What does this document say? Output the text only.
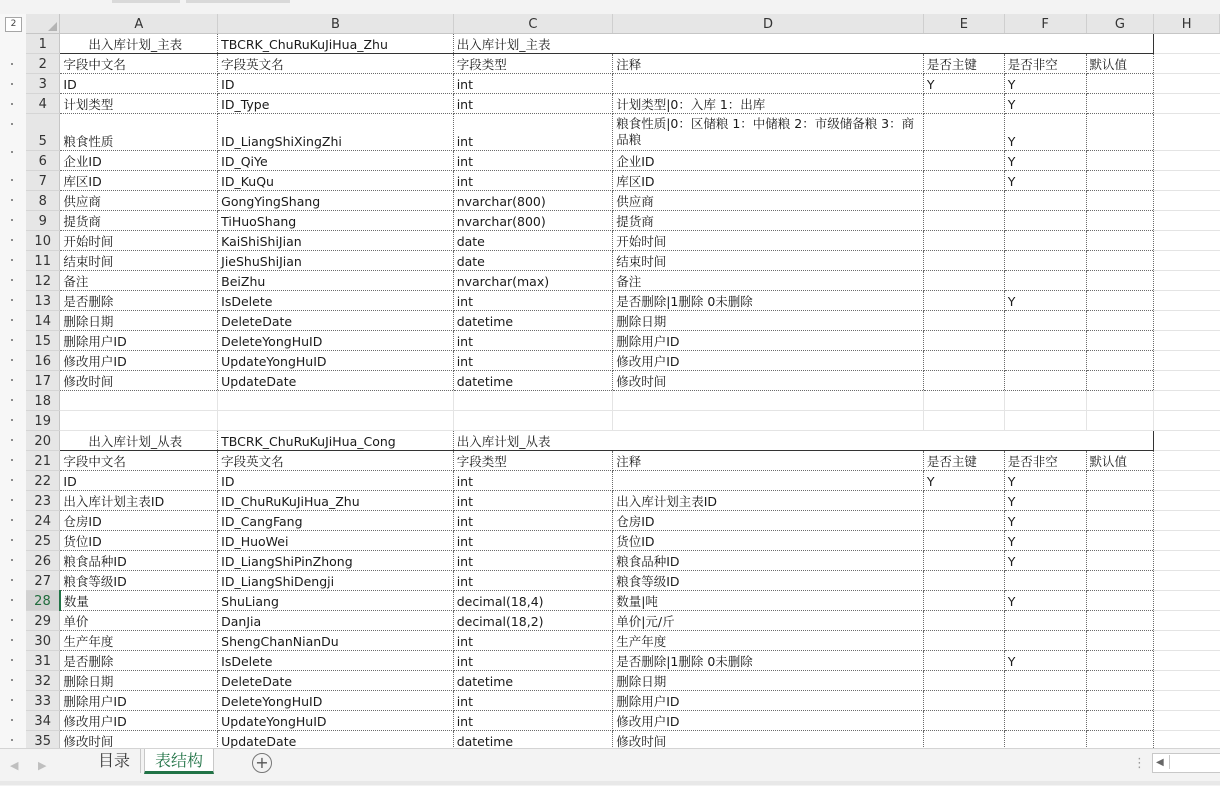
2
		A	B	C	D	E	F	G	H
1	出入库计划_主表	TBCRK_ChuRuKuJiHua_Zhu	出入库计划_主表					
2	字段中文名	字段英文名	字段类型	注释	是否主键	是否非空	默认值	
3	ID	ID	int		Y	Y		
4	计划类型	ID_Type	int	计划类型|0：入库 1：出库		Y		
5	粮食性质	ID_LiangShiXingZhi	int	粮食性质|0：区储粮 1：中储粮 2：市级储备粮 3：商品粮		Y		
6	企业ID	ID_QiYe	int	企业ID		Y		
7	库区ID	ID_KuQu	int	库区ID		Y		
8	供应商	GongYingShang	nvarchar(800)	供应商				
9	提货商	TiHuoShang	nvarchar(800)	提货商				
10	开始时间	KaiShiShiJian	date	开始时间				
11	结束时间	JieShuShiJian	date	结束时间				
12	备注	BeiZhu	nvarchar(max)	备注				
13	是否删除	IsDelete	int	是否删除|1删除 0未删除		Y		
14	删除日期	DeleteDate	datetime	删除日期				
15	删除用户ID	DeleteYongHuID	int	删除用户ID				
16	修改用户ID	UpdateYongHuID	int	修改用户ID				
17	修改时间	UpdateDate	datetime	修改时间				
18								
19								
20	出入库计划_从表	TBCRK_ChuRuKuJiHua_Cong	出入库计划_从表					
21	字段中文名	字段英文名	字段类型	注释	是否主键	是否非空	默认值	
22	ID	ID	int		Y	Y		
23	出入库计划主表ID	ID_ChuRuKuJiHua_Zhu	int	出入库计划主表ID		Y		
24	仓房ID	ID_CangFang	int	仓房ID		Y		
25	货位ID	ID_HuoWei	int	货位ID		Y		
26	粮食品种ID	ID_LiangShiPinZhong	int	粮食品种ID		Y		
27	粮食等级ID	ID_LiangShiDengji	int	粮食等级ID				
28	数量	ShuLiang	decimal(18,4)	数量|吨		Y		
29	单价	DanJia	decimal(18,2)	单价|元/斤				
30	生产年度	ShengChanNianDu	int	生产年度				
31	是否删除	IsDelete	int	是否删除|1删除 0未删除		Y		
32	删除日期	DeleteDate	datetime	删除日期				
33	删除用户ID	DeleteYongHuID	int	删除用户ID				
34	修改用户ID	UpdateYongHuID	int	修改用户ID				
35	修改时间	UpdateDate	datetime	修改时间				
◀ ▶	目录	表结构	+	⋮ ◀
